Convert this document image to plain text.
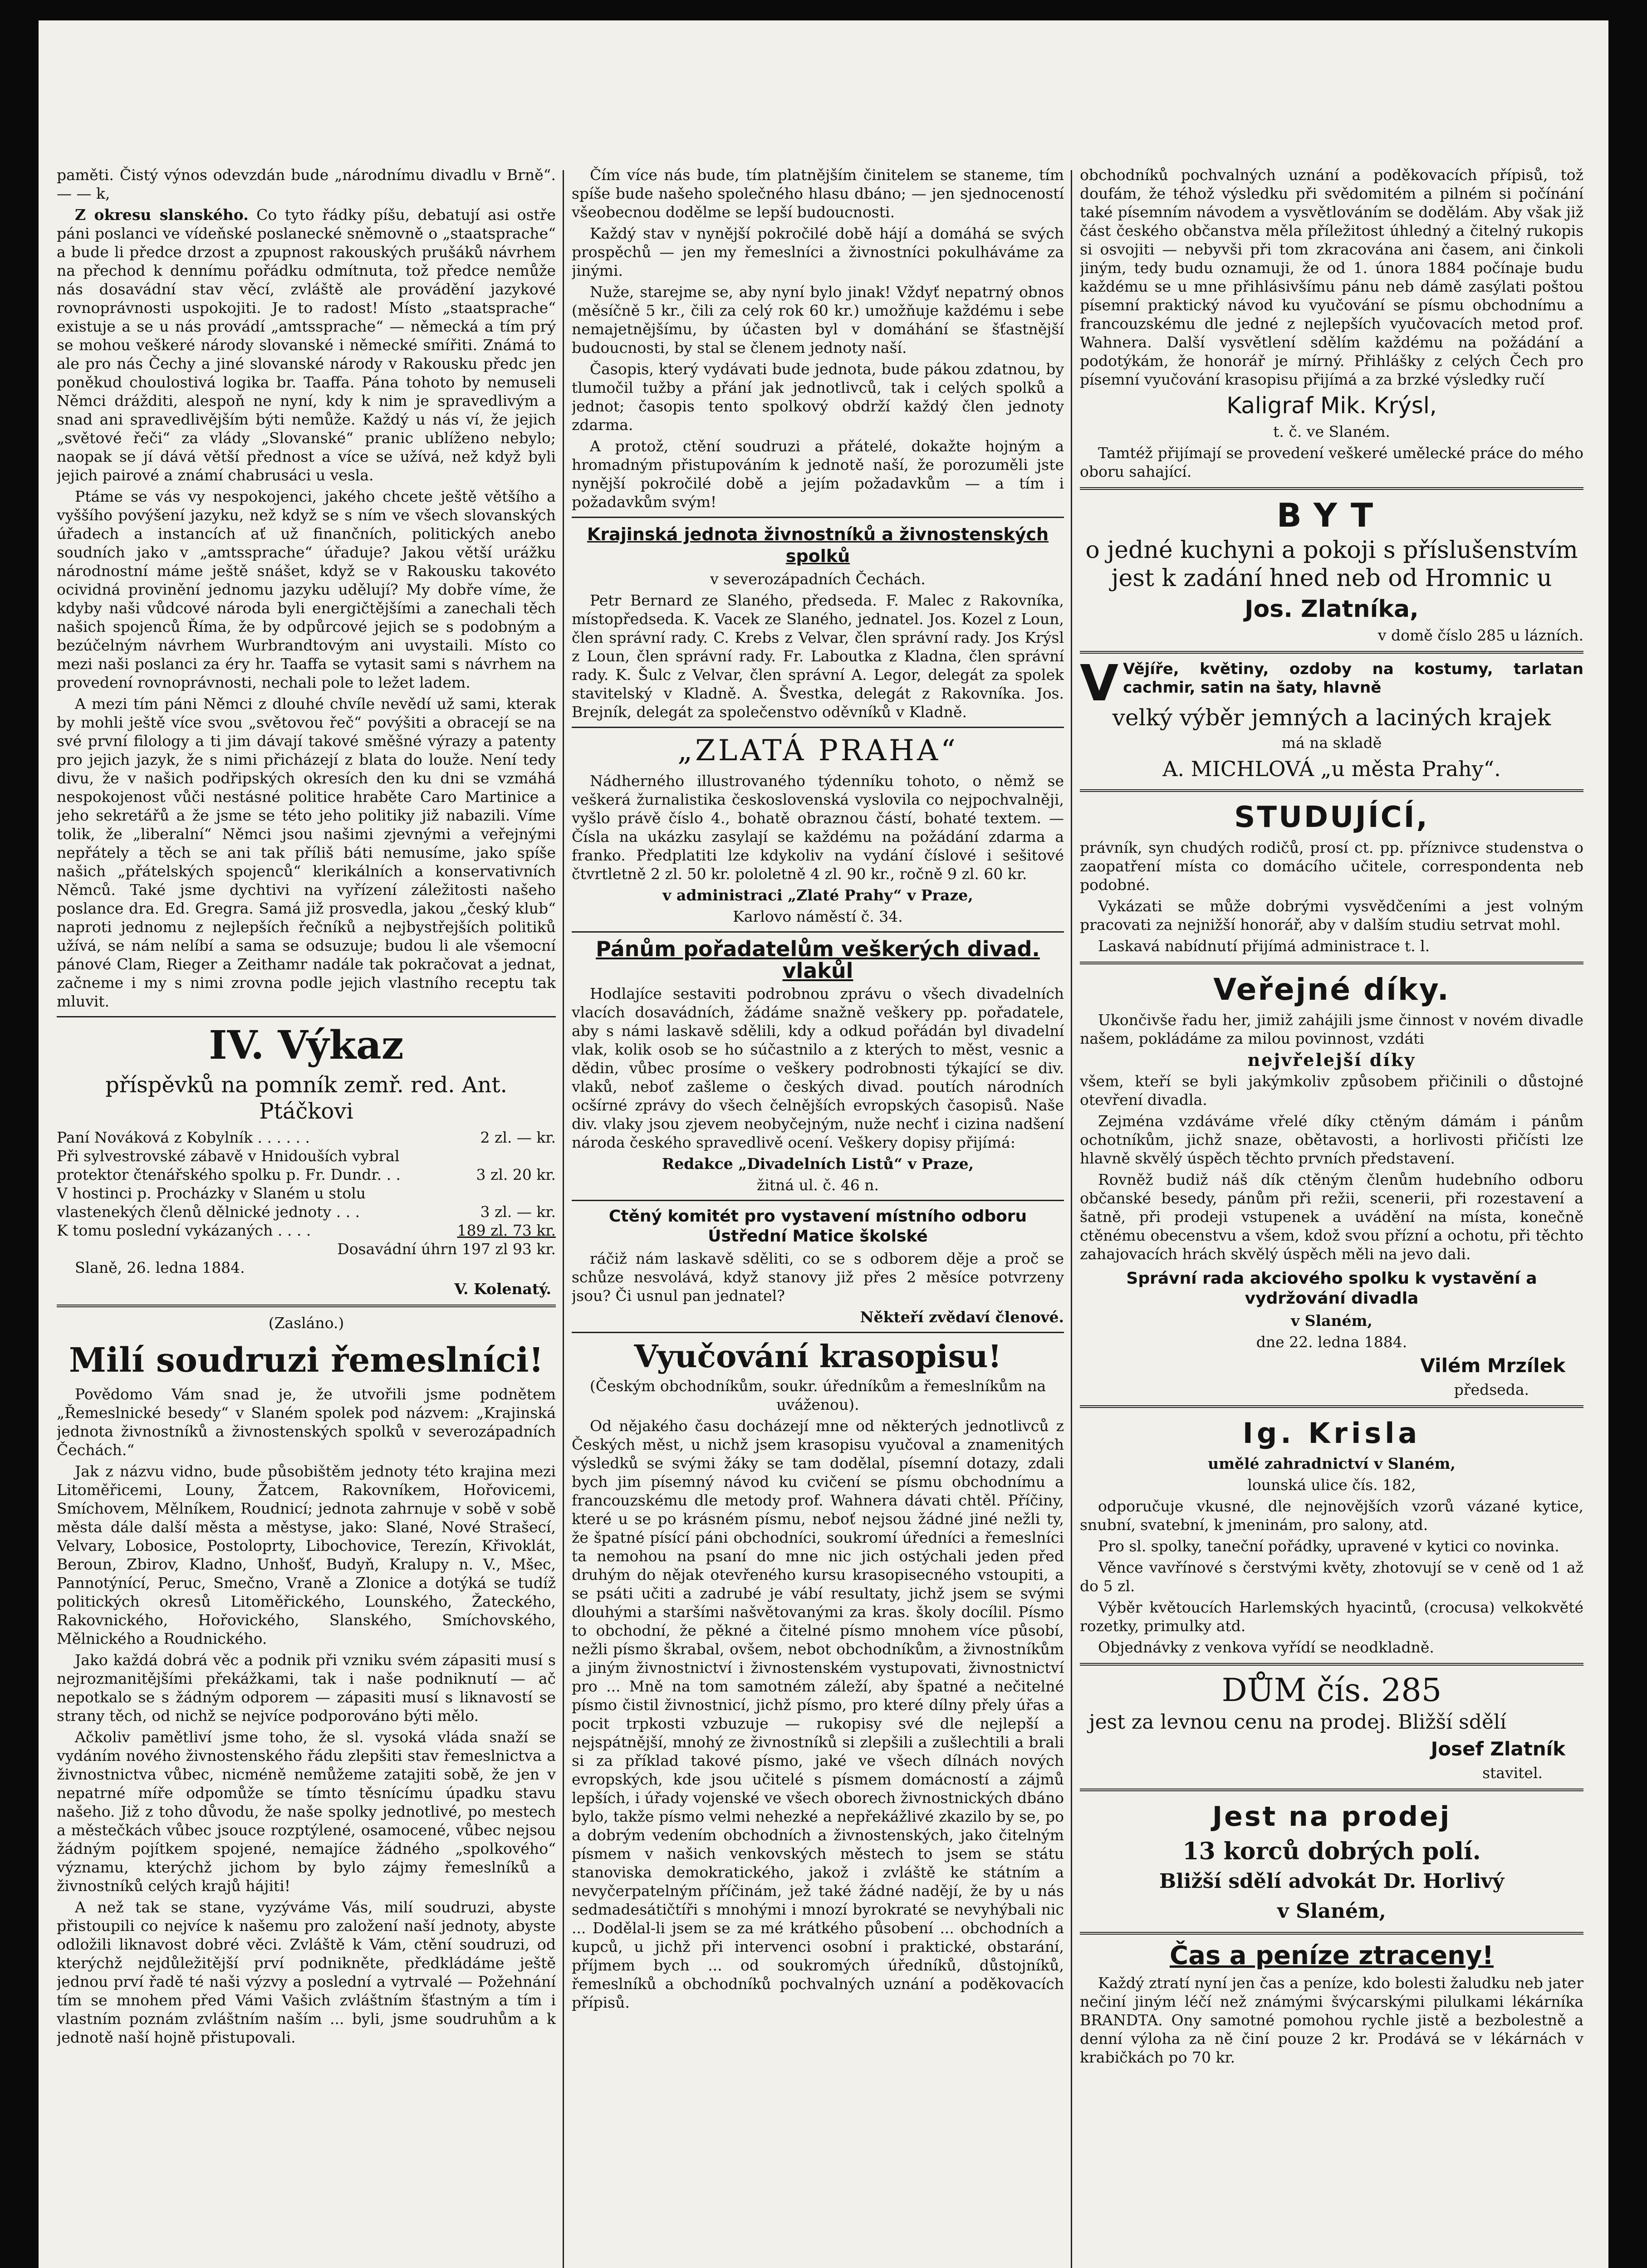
paměti. Čistý výnos odevzdán bude „národnímu divadlu v Brně“. — — k,

Z okresu slanského. Co tyto řádky píšu, debatují asi ostře páni poslanci ve vídeňské poslanecké sněmovně o „staatsprache“ a bude li předce drzost a zpupnost rakouských prušáků návrhem na přechod k dennímu pořádku odmítnuta, tož předce nemůže nás dosavádní stav věcí, zvláště ale provádění jazykové rovnoprávnosti uspokojiti. Je to radost! Místo „staatsprache“ existuje a se u nás provádí „amtssprache“ — německá a tím prý se mohou veškeré národy slovanské i německé smířiti. Známá to ale pro nás Čechy a jiné slovanské národy v Rakousku předc jen poněkud choulostivá logika br. Taaffa. Pána tohoto by nemuseli Němci drážditi, alespoň ne nyní, kdy k nim je spravedlivým a snad ani spravedlivějším býti nemůže. Každý u nás ví, že jejich „světové řeči“ za vlády „Slovanské“ pranic ublíženo nebylo; naopak se jí dává větší přednost a více se užívá, než když byli jejich pairové a známí chabrusáci u vesla.

Ptáme se vás vy nespokojenci, jakého chcete ještě většího a vyššího povýšení jazyku, než když se s ním ve všech slovanských úřadech a instancích ať už finančních, politických anebo soudních jako v „amtssprache“ úřaduje? Jakou větší urážku národnostní máme ještě snášet, když se v Rakousku takovéto ocividná provinění jednomu jazyku udělují? My dobře víme, že kdyby naši vůdcové národa byli energičtějšími a zanechali těch našich spojenců Říma, že by odpůrcové jejich se s podobným a bezúčelným návrhem Wurbrandtovým ani uvystaili. Místo co mezi naši poslanci za éry hr. Taaffa se vytasit sami s návrhem na provedení rovnoprávnosti, nechali pole to ležet ladem.

A mezi tím páni Němci z dlouhé chvíle nevědí už sami, kterak by mohli ještě více svou „světovou řeč“ povýšiti a obracejí se na své první filology a ti jim dávají takové směšné výrazy a patenty pro jejich jazyk, že s nimi přicházejí z blata do louže. Není tedy divu, že v našich podřipských okresích den ku dni se vzmáhá nespokojenost vůči nestásné politice hraběte Caro Martinice a jeho sekretářů a že jsme se této jeho politiky již nabazili. Víme tolik, že „liberalní“ Němci jsou našimi zjevnými a veřejnými nepřátely a těch se ani tak příliš báti nemusíme, jako spíše našich „přátelských spojenců“ klerikálních a konservativních Němců. Také jsme dychtivi na vyřízení záležitosti našeho poslance dra. Ed. Gregra. Samá již prosvedla, jakou „český klub“ naproti jednomu z nejlepších řečníků a nejbystřejších politiků užívá, se nám nelíbí a sama se odsuzuje; budou li ale všemocní pánové Clam, Rieger a Zeithamr nadále tak pokračovat a jednat, začneme i my s nimi zrovna podle jejich vlastního receptu tak mluvit.

IV. Výkaz
příspěvků na pomník zemř. red. Ant. Ptáčkovi
Paní Nováková z Kobylník . . . . . .	2 zl. — kr.
Při sylvestrovské zábavě v Hnidouších vybral protektor čtenářského spolku p. Fr. Dundr. . .	3 zl. 20 kr.
V hostinci p. Procházky v Slaném u stolu vlastenekých členů dělnické jednoty . . .	3 zl. — kr.
K tomu poslední vykázaných . . . .	189 zl. 73 kr.
Dosavádní úhrn 197 zl 93 kr.

Slaně, 26. ledna 1884.

V. Kolenatý.

(Zasláno.)

Milí soudruzi řemeslníci!

Povědomo Vám snad je, že utvořili jsme podnětem „Řemeslnické besedy“ v Slaném spolek pod názvem: „Krajinská jednota živnostníků a živnostenských spolků v severozápadních Čechách.“

Jak z názvu vidno, bude působištěm jednoty této krajina mezi Litoměřicemi, Louny, Žatcem, Rakovníkem, Hořovicemi, Smíchovem, Mělníkem, Roudnicí; jednota zahrnuje v sobě v sobě města dále další města a městyse, jako: Slané, Nové Strašecí, Velvary, Lobosice, Postoloprty, Libochovice, Terezín, Křivoklát, Beroun, Zbirov, Kladno, Unhošť, Budyň, Kralupy n. V., Mšec, Pannotýnící, Peruc, Smečno, Vraně a Zlonice a dotýká se tudíž politických okresů Litoměřického, Lounského, Žateckého, Rakovnického, Hořovického, Slanského, Smíchovského, Mělnického a Roudnického.

Jako každá dobrá věc a podnik při vzniku svém zápasiti musí s nejrozmanitějšími překážkami, tak i naše podniknutí — ač nepotkalo se s žádným odporem — zápasiti musí s liknavostí se strany těch, od nichž se nejvíce podporováno býti mělo.

Ačkoliv pamětliví jsme toho, že sl. vysoká vláda snaží se vydáním nového živnostenského řádu zlepšiti stav řemeslnictva a živnostnictva vůbec, nicméně nemůžeme zatajiti sobě, že jen v nepatrné míře odpomůže se tímto těsnícímu úpadku stavu našeho. Již z toho důvodu, že naše spolky jednotlivé, po mestech a městečkách vůbec jsouce rozptýlené, osamocené, vůbec nejsou žádným pojítkem spojené, nemajíce žádného „spolkového“ významu, kterýchž jichom by bylo zájmy řemeslníků a živnostníků celých krajů hájiti!

A než tak se stane, vyzýváme Vás, milí soudruzi, abyste přistoupili co nejvíce k našemu pro založení naší jednoty, abyste odložili liknavost dobré věci. Zvláště k Vám, ctění soudruzi, od kterýchž nejdůležitější prví podnikněte, předkládáme ještě jednou prví řadě té naši výzvy a poslední a vytrvalé — Požehnání tím se mnohem před Vámi Vašich zvláštním šťastným a tím i vlastním poznám zvláštním naším ... byli, jsme soudruhům a k jednotě naší hojně přistupovali.

Čím více nás bude, tím platnějším činitelem se staneme, tím spíše bude našeho společného hlasu dbáno; — jen sjednoceností všeobecnou dodělme se lepší budoucnosti.

Každý stav v nynější pokročilé době hájí a domáhá se svých prospěchů — jen my řemeslníci a živnostníci pokulháváme za jinými.

Nuže, starejme se, aby nyní bylo jinak! Vždyť nepatrný obnos (měsíčně 5 kr., čili za celý rok 60 kr.) umožňuje každému i sebe nemajetnějšímu, by účasten byl v domáhání se šťastnější budoucnosti, by stal se členem jednoty naší.

Časopis, který vydávati bude jednota, bude pákou zdatnou, by tlumočil tužby a přání jak jednotlivců, tak i celých spolků a jednot; časopis tento spolkový obdrží každý člen jednoty zdarma.

A protož, ctění soudruzi a přátelé, dokažte hojným a hromadným přistupováním k jednotě naší, že porozuměli jste nynější pokročilé době a jejím požadavkům — a tím i požadavkům svým!

Krajinská jednota živnostníků a živnostenských spolků

v severozápadních Čechách.

Petr Bernard ze Slaného, předseda. F. Malec z Rakovníka, místopředseda. K. Vacek ze Slaného, jednatel. Jos. Kozel z Loun, člen správní rady. C. Krebs z Velvar, člen správní rady. Jos Krýsl z Loun, člen správní rady. Fr. Laboutka z Kladna, člen správní rady. K. Šulc z Velvar, člen správní A. Legor, delegát za spolek stavitelský v Kladně. A. Švestka, delegát z Rakovníka. Jos. Brejník, delegát za společenstvo oděvníků v Kladně.

„ZLATÁ PRAHA“

Nádherného illustrovaného týdenníku tohoto, o němž se veškerá žurnalistika československá vyslovila co nejpochvalněji, vyšlo právě číslo 4., bohatě obraznou částí, bohaté textem. — Čísla na ukázku zasylají se každému na požádání zdarma a franko. Předplatiti lze kdykoliv na vydání číslové i sešitové čtvrtletně 2 zl. 50 kr. pololetně 4 zl. 90 kr., ročně 9 zl. 60 kr.

v administraci „Zlaté Prahy“ v Praze,

Karlovo náměstí č. 34.

Pánům pořadatelům veškerých divad. vlakůl

Hodlajíce sestaviti podrobnou zprávu o všech divadelních vlacích dosavádních, žádáme snažně veškery pp. pořadatele, aby s námi laskavě sdělili, kdy a odkud pořádán byl divadelní vlak, kolik osob se ho súčastnilo a z kterých to měst, vesnic a dědin, vůbec prosíme o veškery podrobnosti týkající se div. vlaků, neboť zašleme o českých divad. poutích národních ocšírné zprávy do všech čelnějších evropských časopisů. Naše div. vlaky jsou zjevem neobyčejným, nuže nechť i cizina nadšení národa českého spravedlivě ocení. Veškery dopisy přijímá:

Redakce „Divadelních Listů“ v Praze,

žitná ul. č. 46 n.

Ctěný komitét pro vystavení místního odboru Ústřední Matice školské

ráčiž nám laskavě sděliti, co se s odborem děje a proč se schůze nesvolává, když stanovy již přes 2 měsíce potvrzeny jsou? Či usnul pan jednatel?

Někteří zvědaví členové.
Vyučování krasopisu!

(Českým obchodníkům, soukr. úředníkům a řemeslníkům na uváženou).

Od nějakého času docházejí mne od některých jednotlivců z Českých měst, u nichž jsem krasopisu vyučoval a znamenitých výsledků se svými žáky se tam dodělal, písemní dotazy, zdali bych jim písemný návod ku cvičení se písmu obchodnímu a francouzskému dle metody prof. Wahnera dávati chtěl. Příčiny, které u se po krásném písmu, neboť nejsou žádné jiné nežli ty, že špatné písící páni obchodníci, soukromí úředníci a řemeslníci ta nemohou na psaní do mne nic jich ostýchali jeden před druhým do nějak otevřeného kursu krasopisecného vstoupiti, a se psáti učiti a zadrubé je vábí resultaty, jichž jsem se svými dlouhými a staršími našvětovanými za kras. školy docílil. Písmo to obchodní, že pěkné a čitelné písmo mnohem více působí, nežli písmo škrabal, ovšem, nebot obchodníkům, a živnostníkům a jiným živnostnictví i živnostenském vystupovati, živnostnictví pro ... Mně na tom samotném záleží, aby špatné a nečitelné písmo čistil živnostnicí, jichž písmo, pro které dílny přely úřas a pocit trpkosti vzbuzuje — rukopisy své dle nejlepší a nejspátnější, mnohý ze živnostníků si zlepšili a zušlechtili a brali si za příklad takové písmo, jaké ve všech dílnách nových evropských, kde jsou učitelé s písmem domácností a zájmů lepších, i úřady vojenské ve všech oborech živnostnických dbáno bylo, takže písmo velmi nehezké a nepřekážlivé zkazilo by se, po a dobrým vedením obchodních a živnostenských, jako čitelným písmem v našich venkovských městech to jsem se státu stanoviska demokratického, jakož i zvláště ke státním a nevyčerpatelným příčinám, jež také žádné nadějí, že by u nás sedmadesátičtíři s mnohými i mnozí byrokraté se nevyhýbali nic ... Dodělal-li jsem se za mé krátkého působení ... obchodních a kupců, u jichž při intervenci osobní i praktické, obstarání, příjmem bych ... od soukromých úředníků, důstojníků, řemeslníků a obchodníků pochvalných uznání a poděkovacích přípisů.

obchodníků pochvalných uznání a poděkovacích přípisů, tož doufám, že téhož výsledku při svědomitém a pilném si počínání také písemním návodem a vysvětlováním se dodělám. Aby však již část českého občanstva měla příležitost úhledný a čitelný rukopis si osvojiti — nebyvši při tom zkracována ani časem, ani činkoli jiným, tedy budu oznamuji, že od 1. února 1884 počínaje budu každému se u mne přihlásivšímu pánu neb dámě zasýlati poštou písemní praktický návod ku vyučování se písmu obchodnímu a francouzskému dle jedné z nejlepších vyučovacích metod prof. Wahnera. Další vysvětlení sdělím každému na požádání a podotýkám, že honorář je mírný. Přihlášky z celých Čech pro písemní vyučování krasopisu přijímá a za brzké výsledky ručí

Kaligraf Mik. Krýsl,

t. č. ve Slaném.

Tamtéž přijímají se provedení veškeré umělecké práce do mého oboru sahající.

BYT
o jedné kuchyni a pokoji s příslušenstvím jest k zadání hned neb od Hromnic u
Jos. Zlatníka,
v domě číslo 285 u lázních.

V Vějíře, květiny, ozdoby na kostumy, tarlatan cachmir, satin na šaty, hlavně

velký výběr jemných a laciných krajek

má na skladě

A. MICHLOVÁ „u města Prahy“.
STUDUJÍCÍ,

právník, syn chudých rodičů, prosí ct. pp. příznivce studenstva o zaopatření místa co domácího učitele, correspondenta neb podobné.

Vykázati se může dobrými vysvědčeními a jest volným pracovati za nejnižší honorář, aby v dalším studiu setrvat mohl.

Laskavá nabídnutí přijímá administrace t. l.

Veřejné díky.

Ukončivše řadu her, jimiž zahájili jsme činnost v novém divadle našem, pokládáme za milou povinnost, vzdáti

nejvřelejší díky

všem, kteří se byli jakýmkoliv způsobem přičinili o důstojné otevření divadla.

Zejména vzdáváme vřelé díky ctěným dámám i pánům ochotníkům, jichž snaze, obětavosti, a horlivosti přičísti lze hlavně skvělý úspěch těchto prvních představení.

Rovněž budiž náš dík ctěným členům hudebního odboru občanské besedy, pánům při režii, scenerii, při rozestavení a šatně, při prodeji vstupenek a uvádění na místa, konečně ctěnému obecenstvu a všem, kdož svou přízní a ochotu, při těchto zahajovacích hrách skvělý úspěch měli na jevo dali.

Správní rada akciového spolku k vystavění a vydržování divadla

v Slaném,

dne 22. ledna 1884.

Vilém Mrzílek
předseda.
Ig. Krisla

umělé zahradnictví v Slaném,

lounská ulice čís. 182,

odporučuje vkusné, dle nejnovějších vzorů vázané kytice, snubní, svatební, k jmeninám, pro salony, atd.

Pro sl. spolky, taneční pořádky, upravené v kytici co novinka.

Věnce vavřínové s čerstvými květy, zhotovují se v ceně od 1 až do 5 zl.

Výběr květoucích Harlemských hyacintů, (crocusa) velkokvěté rozetky, primulky atd.

Objednávky z venkova vyřídí se neodkladně.

DŮM čís. 285
jest za levnou cenu na prodej. Bližší sdělí
Josef Zlatník
stavitel.
Jest na prodej
13 korců dobrých polí.
Bližší sdělí advokát Dr. Horlivý
v Slaném,
Čas a peníze ztraceny!

Každý ztratí nyní jen čas a peníze, kdo bolesti žaludku neb jater nečiní jiným léčí než známými švýcarskými pilulkami lékárníka BRANDTA. Ony samotné pomohou rychle jistě a bezbolestně a denní výloha za ně činí pouze 2 kr. Prodává se v lékárnách v krabičkách po 70 kr.
